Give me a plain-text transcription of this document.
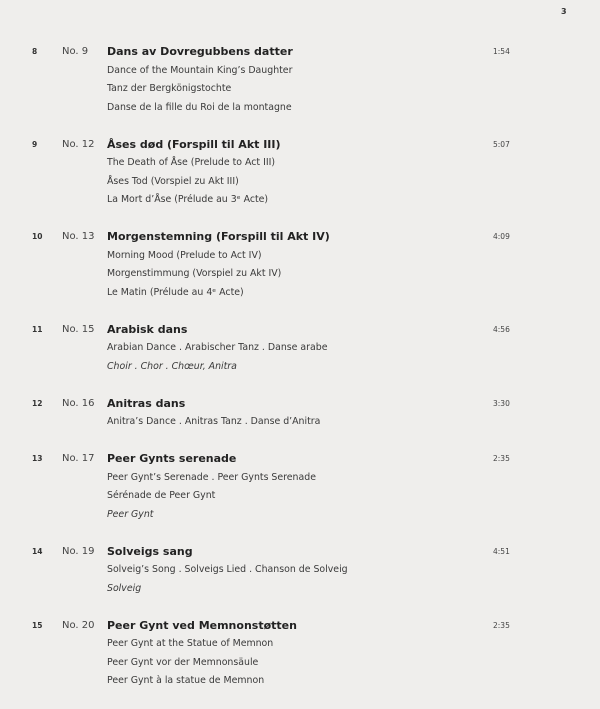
3
8 No. 9	1:54
Dans av Dovregubbens datter
Dance of the Mountain King’s Daughter
Tanz der Bergkönigstochte
Danse de la fille du Roi de la montagne
9 No. 12	5:07
Åses død (Forspill til Akt III)
The Death of Åse (Prelude to Act III)
Åses Tod (Vorspiel zu Akt III)
La Mort d’Åse (Prélude au 3ᵉ Acte)
10 No. 13	4:09
Morgenstemning (Forspill til Akt IV)
Morning Mood (Prelude to Act IV)
Morgenstimmung (Vorspiel zu Akt IV)
Le Matin (Prélude au 4ᵉ Acte)
11 No. 15	4:56
Arabisk dans
Arabian Dance . Arabischer Tanz . Danse arabe
Choir . Chor . Chœur, Anitra
12 No. 16	3:30
Anitras dans
Anitra’s Dance . Anitras Tanz . Danse d’Anitra
13 No. 17	2:35
Peer Gynts serenade
Peer Gynt’s Serenade . Peer Gynts Serenade
Sérénade de Peer Gynt
Peer Gynt
14 No. 19	4:51
Solveigs sang
Solveig’s Song . Solveigs Lied . Chanson de Solveig
Solveig
15 No. 20	2:35
Peer Gynt ved Memnonstøtten
Peer Gynt at the Statue of Memnon
Peer Gynt vor der Memnonsäule
Peer Gynt à la statue de Memnon
